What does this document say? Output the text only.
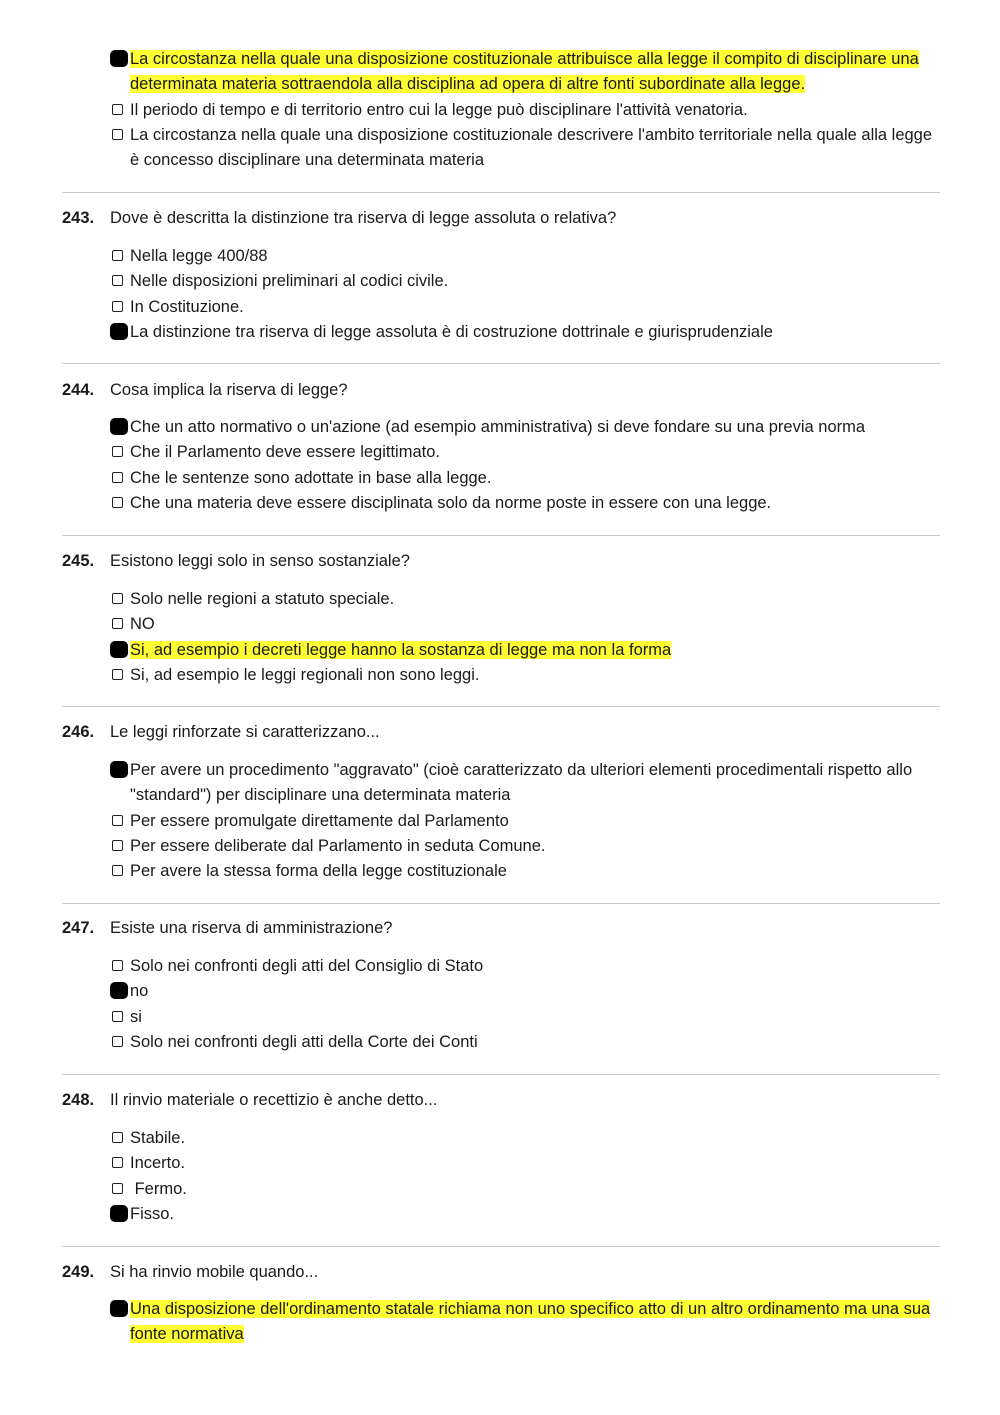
La circostanza nella quale una disposizione costituzionale attribuisce alla legge il compito di disciplinare una determinata materia sottraendola alla disciplina ad opera di altre fonti subordinate alla legge.
Il periodo di tempo e di territorio entro cui la legge può disciplinare l'attività venatoria.
La circostanza nella quale una disposizione costituzionale descrivere l'ambito territoriale nella quale alla legge è concesso disciplinare una determinata materia
243. Dove è descritta la distinzione tra riserva di legge assoluta o relativa?
Nella legge 400/88
Nelle disposizioni preliminari al codici civile.
In Costituzione.
La distinzione tra riserva di legge assoluta è di costruzione dottrinale e giurisprudenziale
244. Cosa implica la riserva di legge?
Che un atto normativo o un'azione (ad esempio amministrativa) si deve fondare su una previa norma
Che il Parlamento deve essere legittimato.
Che le sentenze sono adottate in base alla legge.
Che una materia deve essere disciplinata solo da norme poste in essere con una legge.
245. Esistono leggi solo in senso sostanziale?
Solo nelle regioni a statuto speciale.
NO
Si, ad esempio i decreti legge hanno la sostanza di legge ma non la forma
Si, ad esempio le leggi regionali non sono leggi.
246. Le leggi rinforzate si caratterizzano...
Per avere un procedimento "aggravato" (cioè caratterizzato da ulteriori elementi procedimentali rispetto allo "standard") per disciplinare una determinata materia
Per essere promulgate direttamente dal Parlamento
Per essere deliberate dal Parlamento in seduta Comune.
Per avere la stessa forma della legge costituzionale
247. Esiste una riserva di amministrazione?
Solo nei confronti degli atti del Consiglio di Stato
no
si
Solo nei confronti degli atti della Corte dei Conti
248. Il rinvio materiale o recettizio è anche detto...
Stabile.
Incerto.
Fermo.
Fisso.
249. Si ha rinvio mobile quando...
Una disposizione dell'ordinamento statale richiama non uno specifico atto di un altro ordinamento ma una sua fonte normativa
